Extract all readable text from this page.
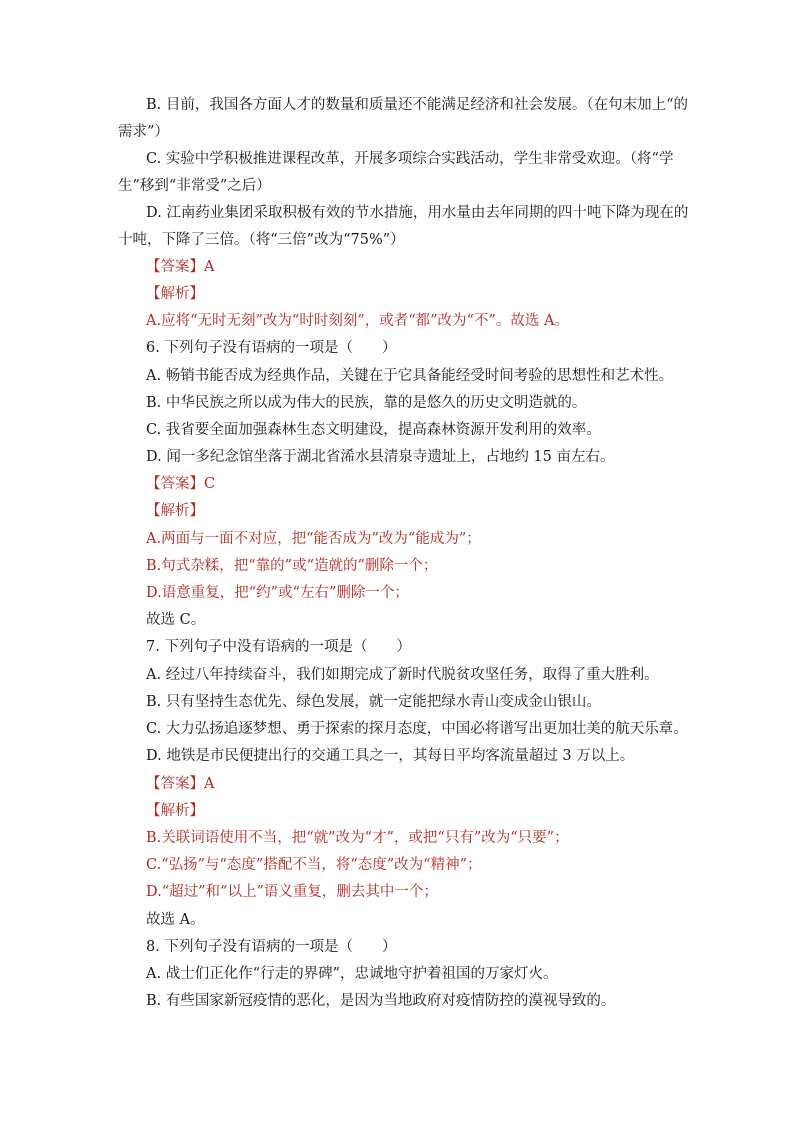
B. 目前，我国各方面人才的数量和质量还不能满足经济和社会发展。（在句末加上“的
需求”）
C. 实验中学积极推进课程改革，开展多项综合实践活动，学生非常受欢迎。（将“学
生”移到“非常受”之后）
D. 江南药业集团采取积极有效的节水措施，用水量由去年同期的四十吨下降为现在的
十吨，下降了三倍。（将“三倍”改为“75%”）
【答案】A
【解析】
A.应将“无时无刻”改为“时时刻刻”，或者“都”改为“不”。故选 A。
6. 下列句子没有语病的一项是（　　）
A. 畅销书能否成为经典作品，关键在于它具备能经受时间考验的思想性和艺术性。
B. 中华民族之所以成为伟大的民族，靠的是悠久的历史文明造就的。
C. 我省要全面加强森林生态文明建设，提高森林资源开发利用的效率。
D. 闻一多纪念馆坐落于湖北省浠水县清泉寺遗址上，占地约 15 亩左右。
【答案】C
【解析】
A.两面与一面不对应，把“能否成为”改为“能成为”；
B.句式杂糅，把“靠的”或“造就的”删除一个；
D.语意重复，把“约”或“左右”删除一个；
故选 C。
7. 下列句子中没有语病的一项是（　　）
A. 经过八年持续奋斗，我们如期完成了新时代脱贫攻坚任务，取得了重大胜利。
B. 只有坚持生态优先、绿色发展，就一定能把绿水青山变成金山银山。
C. 大力弘扬追逐梦想、勇于探索的探月态度，中国必将谱写出更加壮美的航天乐章。
D. 地铁是市民便捷出行的交通工具之一，其每日平均客流量超过 3 万以上。
【答案】A
【解析】
B.关联词语使用不当，把“就”改为“才”，或把“只有”改为“只要”；
C.“弘扬”与“态度”搭配不当，将“态度”改为“精神”；
D.“超过”和“以上”语义重复，删去其中一个；
故选 A。
8. 下列句子没有语病的一项是（　　）
A. 战士们正化作“行走的界碑”，忠诚地守护着祖国的万家灯火。
B. 有些国家新冠疫情的恶化，是因为当地政府对疫情防控的漠视导致的。
